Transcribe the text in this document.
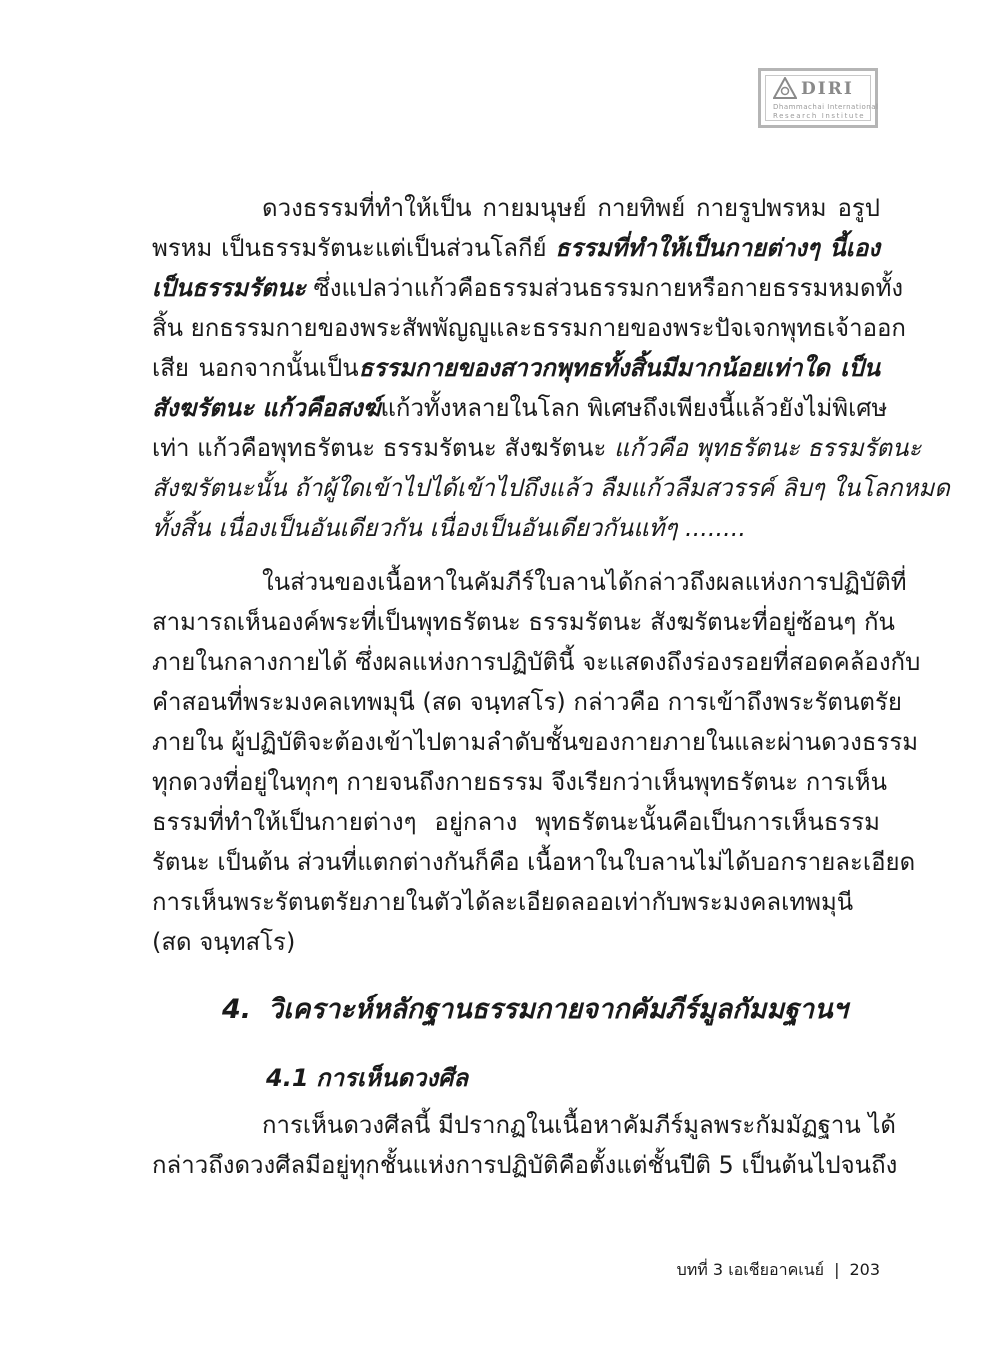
DIRI
Dhammachai International
Research Institute
ดวงธรรมที่ทำให้เป็น กายมนุษย์ กายทิพย์ กายรูปพรหม อรูป
พรหม เป็นธรรมรัตนะแต่เป็นส่วนโลกีย์ ธรรมที่ทำให้เป็นกายต่างๆ นี้เอง
เป็นธรรมรัตนะ ซึ่งแปลว่าแก้วคือธรรมส่วนธรรมกายหรือกายธรรมหมดทั้ง
สิ้น ยกธรรมกายของพระสัพพัญญูและธรรมกายของพระปัจเจกพุทธเจ้าออก
เสีย นอกจากนั้นเป็นธรรมกายของสาวกพุทธทั้งสิ้นมีมากน้อยเท่าใด เป็น
สังฆรัตนะ แก้วคือสงฆ์แก้วทั้งหลายในโลก พิเศษถึงเพียงนี้แล้วยังไม่พิเศษ
เท่า แก้วคือพุทธรัตนะ ธรรมรัตนะ สังฆรัตนะ แก้วคือ พุทธรัตนะ ธรรมรัตนะ
สังฆรัตนะนั้น ถ้าผู้ใดเข้าไปได้เข้าไปถึงแล้ว ลืมแก้วลืมสวรรค์ ลิบๆ ในโลกหมด
ทั้งสิ้น เนื่องเป็นอันเดียวกัน เนื่องเป็นอันเดียวกันแท้ๆ ........
ในส่วนของเนื้อหาในคัมภีร์ใบลานได้กล่าวถึงผลแห่งการปฏิบัติที่
สามารถเห็นองค์พระที่เป็นพุทธรัตนะ ธรรมรัตนะ สังฆรัตนะที่อยู่ซ้อนๆ กัน
ภายในกลางกายได้ ซึ่งผลแห่งการปฏิบัตินี้ จะแสดงถึงร่องรอยที่สอดคล้องกับ
คำสอนที่พระมงคลเทพมุนี (สด จนฺทสโร) กล่าวคือ การเข้าถึงพระรัตนตรัย
ภายใน ผู้ปฏิบัติจะต้องเข้าไปตามลำดับชั้นของกายภายในและผ่านดวงธรรม
ทุกดวงที่อยู่ในทุกๆ กายจนถึงกายธรรม จึงเรียกว่าเห็นพุทธรัตนะ การเห็น
ธรรมที่ทำให้เป็นกายต่างๆ อยู่กลาง พุทธรัตนะนั้นคือเป็นการเห็นธรรม
รัตนะ เป็นต้น ส่วนที่แตกต่างกันก็คือ เนื้อหาในใบลานไม่ได้บอกรายละเอียด
การเห็นพระรัตนตรัยภายในตัวได้ละเอียดลออเท่ากับพระมงคลเทพมุนี
(สด จนฺทสโร)
4. วิเคราะห์หลักฐานธรรมกายจากคัมภีร์มูลกัมมฐานฯ
4.1 การเห็นดวงศีล
การเห็นดวงศีลนี้ มีปรากฏในเนื้อหาคัมภีร์มูลพระกัมมัฏฐาน ได้
กล่าวถึงดวงศีลมีอยู่ทุกชั้นแห่งการปฏิบัติคือตั้งแต่ชั้นปีติ 5 เป็นต้นไปจนถึง
บทที่ 3 เอเชียอาคเนย์ | 203
